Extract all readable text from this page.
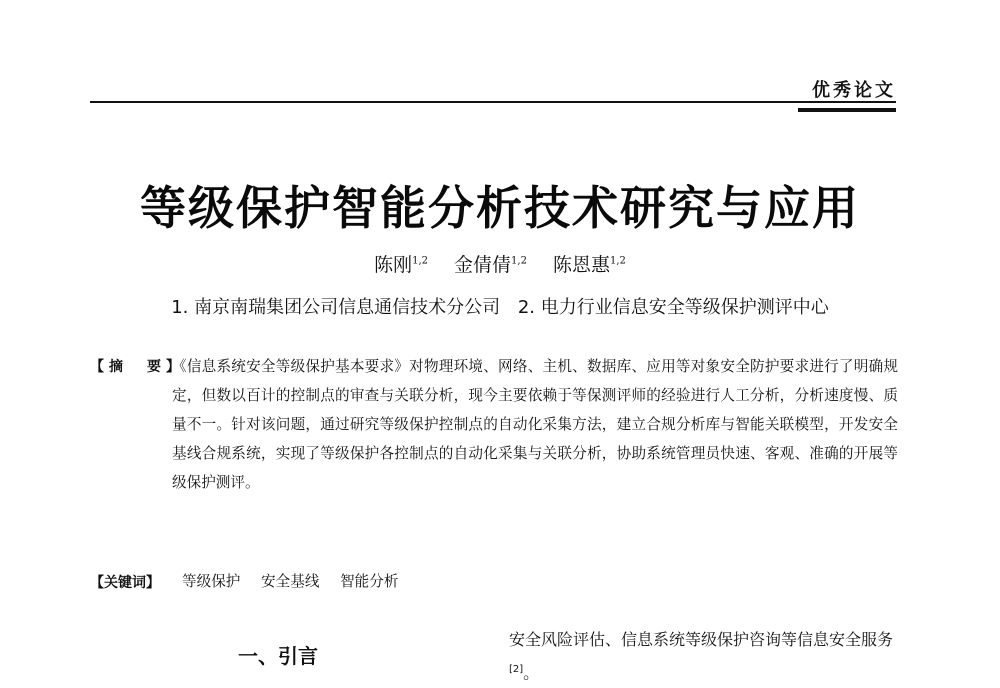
优秀论文
等级保护智能分析技术研究与应用
陈刚$^{1,2}$ 金倩倩$^{1,2}$ 陈恩惠$^{1,2}$
1. 南京南瑞集团公司信息通信技术分公司 2. 电力行业信息安全等级保护测评中心
【摘　要】

《信息系统安全等级保护基本要求》对物理环境、网络、主机、数据库、应用等对象安全防护要求进行了明确规定，但数以百计的控制点的审查与关联分析，现今主要依赖于等保测评师的经验进行人工分析，分析速度慢、质量不一。针对该问题，通过研究等级保护控制点的自动化采集方法，建立合规分析库与智能关联模型，开发安全基线合规系统，实现了等级保护各控制点的自动化采集与关联分析，协助系统管理员快速、客观、准确的开展等级保护测评。

【关键词】 等级保护 安全基线 智能分析
一、引言

安全风险评估、信息系统等级保护咨询等信息安全服务[2]。
